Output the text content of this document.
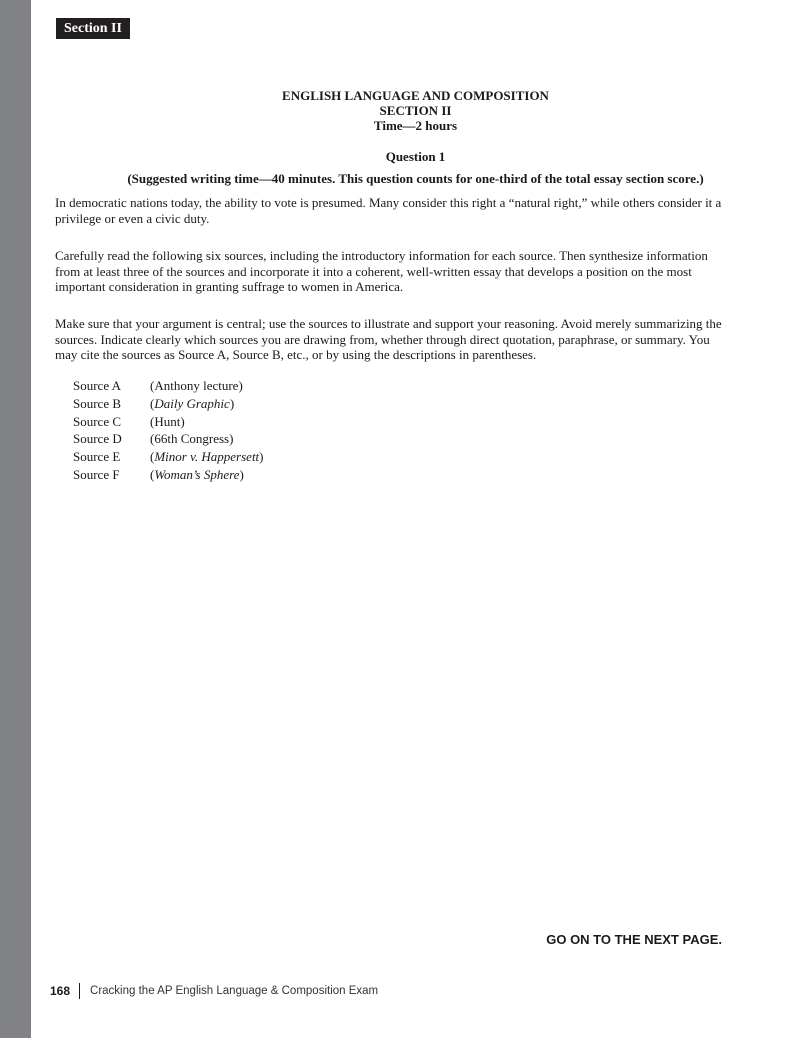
Section II
ENGLISH LANGUAGE AND COMPOSITION
SECTION II
Time—2 hours
Question 1
(Suggested writing time—40 minutes. This question counts for one-third of the total essay section score.)

In democratic nations today, the ability to vote is presumed. Many consider this right a “natural right,” while others consider it a privilege or even a civic duty.

Carefully read the following six sources, including the introductory information for each source. Then synthesize information from at least three of the sources and incorporate it into a coherent, well-written essay that develops a position on the most important consideration in granting suffrage to women in America.

Make sure that your argument is central; use the sources to illustrate and support your reasoning. Avoid merely summarizing the sources. Indicate clearly which sources you are drawing from, whether through direct quotation, paraphrase, or summary. You may cite the sources as Source A, Source B, etc., or by using the descriptions in parentheses.

Source A	(Anthony lecture)
Source B	(Daily Graphic)
Source C	(Hunt)
Source D	(66th Congress)
Source E	(Minor v. Happersett)
Source F	(Woman’s Sphere)
GO ON TO THE NEXT PAGE.
168 Cracking the AP English Language & Composition Exam
